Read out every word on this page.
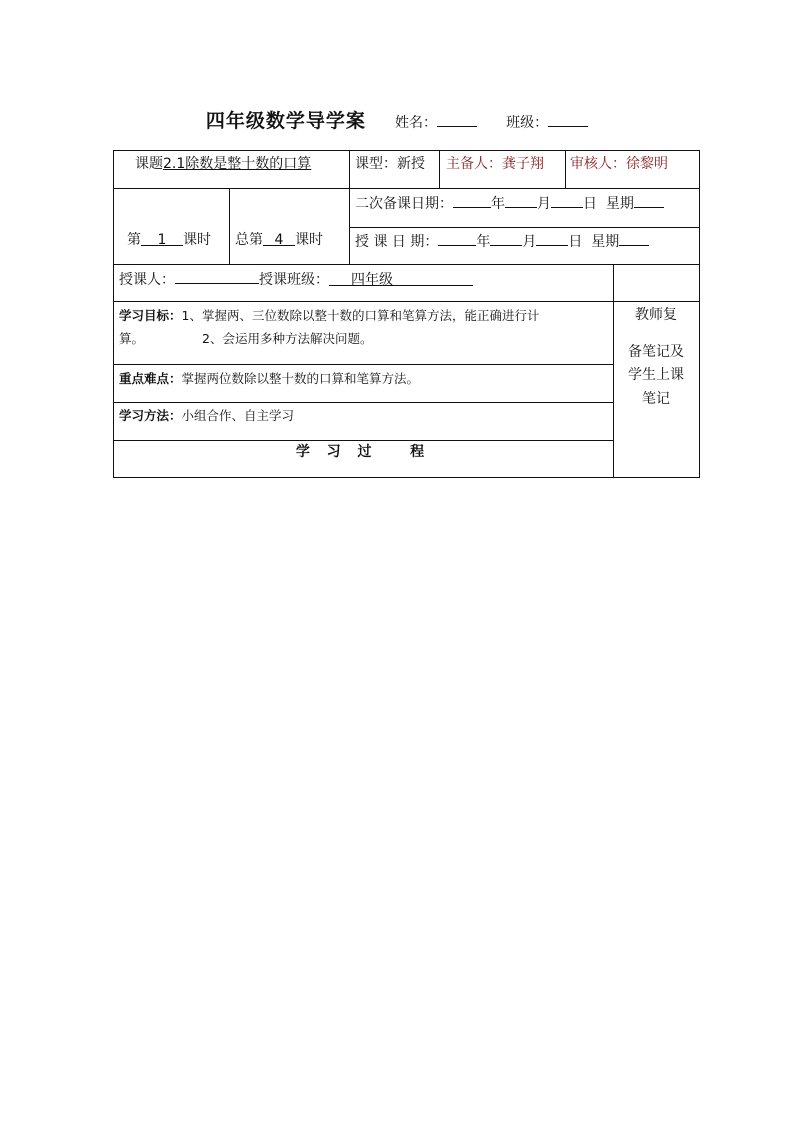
四年级数学导学案 姓名：	班级：
课题2.1除数是整十数的口算	课型：新授 主备人：龚子翔 审核人：徐黎明
第 1 课时 总第 4 课时
二次备课日期：	年 月 日 星期
授 课 日 期：	年 月 日 星期
授课人：	授课班级： 四年级
学习目标：1、掌握两、三位数除以整十数的口算和笔算方法，能正确进行计
算。	2、会运用多种方法解决问题。
重点难点：掌握两位数除以整十数的口算和笔算方法。
学习方法：小组合作、自主学习
学 习 过   程
教师复
备笔记及
学生上课
笔记
